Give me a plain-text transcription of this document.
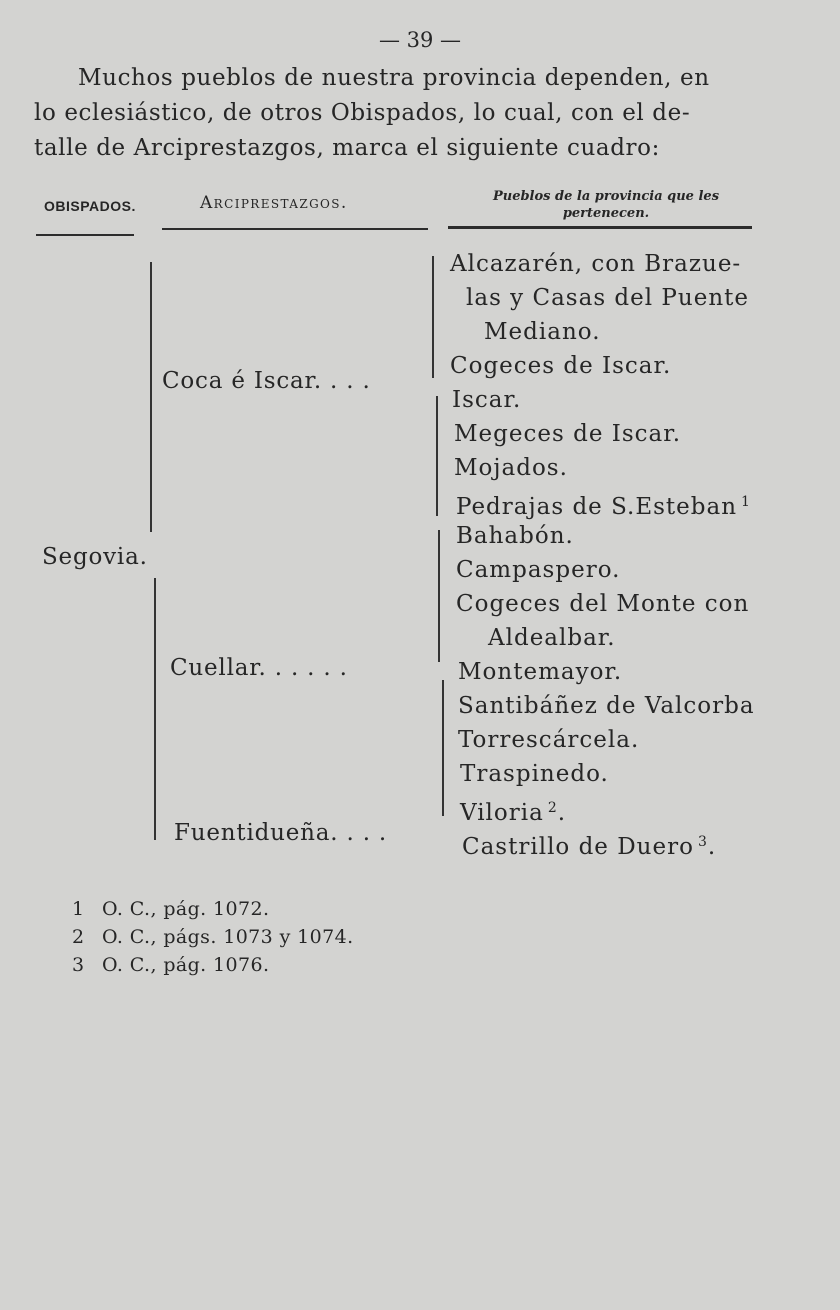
— 39 —
Muchos pueblos de nuestra provincia dependen, en
lo eclesiástico, de otros Obispados, lo cual, con el de-
talle de Arciprestazgos, marca el siguiente cuadro:
OBISPADOS.	Arciprestazgos.	Pueblos de la provincia que les pertenecen.
Segovia.
Coca é Iscar. . . .
Cuellar. . . . . .
Fuentidueña. . . .
Alcazarén, con Brazue-
las y Casas del Puente
Mediano.
Cogeces de Iscar.
Iscar.
Megeces de Iscar.
Mojados.
Pedrajas de S.Esteban $^1$
Bahabón.
Campaspero.
Cogeces del Monte con
Aldealbar.
Montemayor.
Santibáñez de Valcorba
Torrescárcela.
Traspinedo.
Viloria $^2$.
Castrillo de Duero $^3$.
1 O. C., pág. 1072.
2 O. C., págs. 1073 y 1074.
3 O. C., pág. 1076.
